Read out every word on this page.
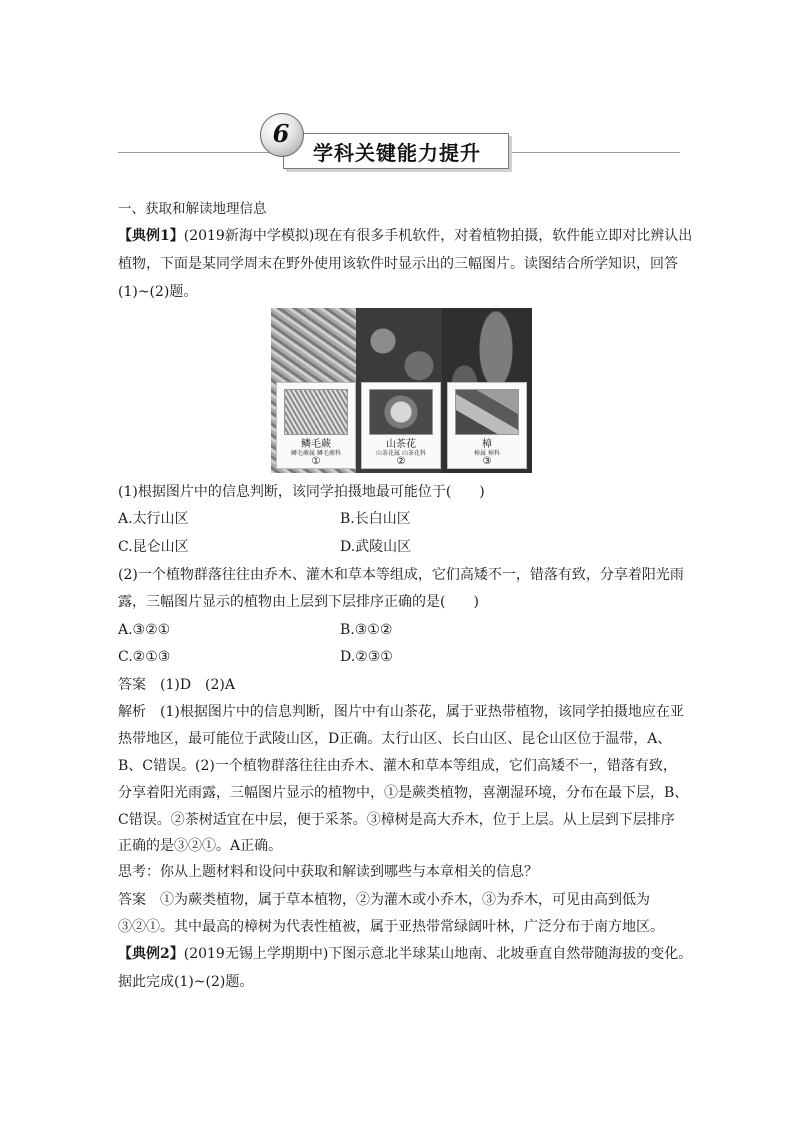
学科关键能力提升
6
一、获取和解读地理信息
【典例1】(2019新海中学模拟)现在有很多手机软件，对着植物拍摄，软件能立即对比辨认出
植物，下面是某同学周末在野外使用该软件时显示出的三幅图片。读图结合所学知识，回答
(1)~(2)题。
鳞毛蕨
鳞毛蕨属 鳞毛蕨科
①
山茶花
山茶花属 山茶花科
②
樟
樟属 樟科
③
(1)根据图片中的信息判断，该同学拍摄地最可能位于(　　)
A.太行山区	B.长白山区
C.昆仑山区	D.武陵山区
(2)一个植物群落往往由乔木、灌木和草本等组成，它们高矮不一，错落有致，分享着阳光雨
露，三幅图片显示的植物由上层到下层排序正确的是(　　)
A.③②①	B.③①②
C.②①③	D.②③①
答案　(1)D　(2)A
解析　(1)根据图片中的信息判断，图片中有山茶花，属于亚热带植物，该同学拍摄地应在亚
热带地区，最可能位于武陵山区，D正确。太行山区、长白山区、昆仑山区位于温带，A、
B、C错误。(2)一个植物群落往往由乔木、灌木和草本等组成，它们高矮不一，错落有致，
分享着阳光雨露，三幅图片显示的植物中，①是蕨类植物，喜潮湿环境，分布在最下层，B、
C错误。②茶树适宜在中层，便于采茶。③樟树是高大乔木，位于上层。从上层到下层排序
正确的是③②①。A正确。
思考：你从上题材料和设问中获取和解读到哪些与本章相关的信息？
答案　①为蕨类植物，属于草本植物，②为灌木或小乔木，③为乔木，可见由高到低为
③②①。其中最高的樟树为代表性植被，属于亚热带常绿阔叶林，广泛分布于南方地区。
【典例2】(2019无锡上学期期中)下图示意北半球某山地南、北坡垂直自然带随海拔的变化。
据此完成(1)~(2)题。
